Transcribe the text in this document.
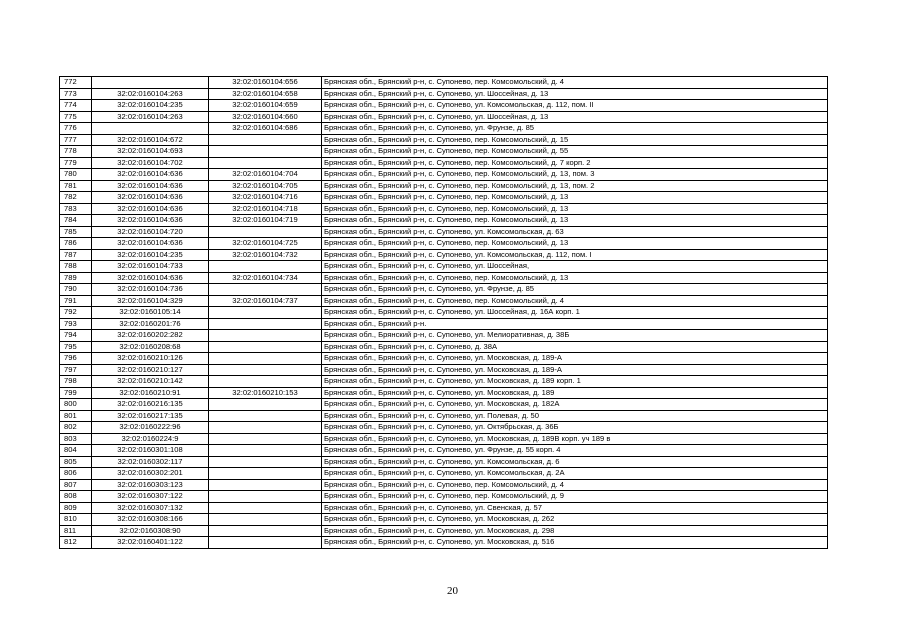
772		32:02:0160104:656	Брянская обл., Брянский р-н, с. Супонево, пер. Комсомольский, д. 4
773	32:02:0160104:263	32:02:0160104:658	Брянская обл., Брянский р-н, с. Супонево, ул. Шоссейная, д. 13
774	32:02:0160104:235	32:02:0160104:659	Брянская обл., Брянский р-н, с. Супонево, ул. Комсомольская, д. 112, пом. II
775	32:02:0160104:263	32:02:0160104:660	Брянская обл., Брянский р-н, с. Супонево, ул. Шоссейная, д. 13
776		32:02:0160104:686	Брянская обл., Брянский р-н, с. Супонево, ул. Фрунзе, д. 85
777	32:02:0160104:672		Брянская обл., Брянский р-н, с. Супонево, пер. Комсомольский, д. 15
778	32:02:0160104:693		Брянская обл., Брянский р-н, с. Супонево, пер. Комсомольский, д. 55
779	32:02:0160104:702		Брянская обл., Брянский р-н, с. Супонево, пер. Комсомольский, д. 7 корп. 2
780	32:02:0160104:636	32:02:0160104:704	Брянская обл., Брянский р-н, с. Супонево, пер. Комсомольский, д. 13, пом. 3
781	32:02:0160104:636	32:02:0160104:705	Брянская обл., Брянский р-н, с. Супонево, пер. Комсомольский, д. 13, пом. 2
782	32:02:0160104:636	32:02:0160104:716	Брянская обл., Брянский р-н, с. Супонево, пер. Комсомольский, д. 13
783	32:02:0160104:636	32:02:0160104:718	Брянская обл., Брянский р-н, с. Супонево, пер. Комсомольский, д. 13
784	32:02:0160104:636	32:02:0160104:719	Брянская обл., Брянский р-н, с. Супонево, пер. Комсомольский, д. 13
785	32:02:0160104:720		Брянская обл., Брянский р-н, с. Супонево, ул. Комсомольская, д. 63
786	32:02:0160104:636	32:02:0160104:725	Брянская обл., Брянский р-н, с. Супонево, пер. Комсомольский, д. 13
787	32:02:0160104:235	32:02:0160104:732	Брянская обл., Брянский р-н, с. Супонево, ул. Комсомольская, д. 112, пом. I
788	32:02:0160104:733		Брянская обл., Брянский р-н, с. Супонево, ул. Шоссейная,
789	32:02:0160104:636	32:02:0160104:734	Брянская обл., Брянский р-н, с. Супонево, пер. Комсомольский, д. 13
790	32:02:0160104:736		Брянская обл., Брянский р-н, с. Супонево, ул. Фрунзе, д. 85
791	32:02:0160104:329	32:02:0160104:737	Брянская обл., Брянский р-н, с. Супонево, пер. Комсомольский, д. 4
792	32:02:0160105:14		Брянская обл., Брянский р-н, с. Супонево, ул. Шоссейная, д. 16А корп. 1
793	32:02:0160201:76		Брянская обл., Брянский р-н.
794	32:02:0160202:282		Брянская обл., Брянский р-н, с. Супонево, ул. Мелиоративная, д. 38Б
795	32:02:0160208:68		Брянская обл., Брянский р-н, с. Супонево, д. 38А
796	32:02:0160210:126		Брянская обл., Брянский р-н, с. Супонево, ул. Московская, д. 189-А
797	32:02:0160210:127		Брянская обл., Брянский р-н, с. Супонево, ул. Московская, д. 189-А
798	32:02:0160210:142		Брянская обл., Брянский р-н, с. Супонево, ул. Московская, д. 189 корп. 1
799	32:02:0160210:91	32:02:0160210:153	Брянская обл., Брянский р-н, с. Супонево, ул. Московская, д. 189
800	32:02:0160216:135		Брянская обл., Брянский р-н, с. Супонево, ул. Московская, д. 182А
801	32:02:0160217:135		Брянская обл., Брянский р-н, с. Супонево, ул. Полевая, д. 50
802	32:02:0160222:96		Брянская обл., Брянский р-н, с. Супонево, ул. Октябрьская, д. 36Б
803	32:02:0160224:9		Брянская обл., Брянский р-н, с. Супонево, ул. Московская, д. 189В корп. уч 189 в
804	32:02:0160301:108		Брянская обл., Брянский р-н, с. Супонево, ул. Фрунзе, д. 55 корп. 4
805	32:02:0160302:117		Брянская обл., Брянский р-н, с. Супонево, ул. Комсомольская, д. 6
806	32:02:0160302:201		Брянская обл., Брянский р-н, с. Супонево, ул. Комсомольская, д. 2А
807	32:02:0160303:123		Брянская обл., Брянский р-н, с. Супонево, пер. Комсомольский, д. 4
808	32:02:0160307:122		Брянская обл., Брянский р-н, с. Супонево, пер. Комсомольский, д. 9
809	32:02:0160307:132		Брянская обл., Брянский р-н, с. Супонево, ул. Свенская, д. 57
810	32:02:0160308:166		Брянская обл., Брянский р-н, с. Супонево, ул. Московская, д. 262
811	32:02:0160308:90		Брянская обл., Брянский р-н, с. Супонево, ул. Московская, д. 298
812	32:02:0160401:122		Брянская обл., Брянский р-н, с. Супонево, ул. Московская, д. 516
20
